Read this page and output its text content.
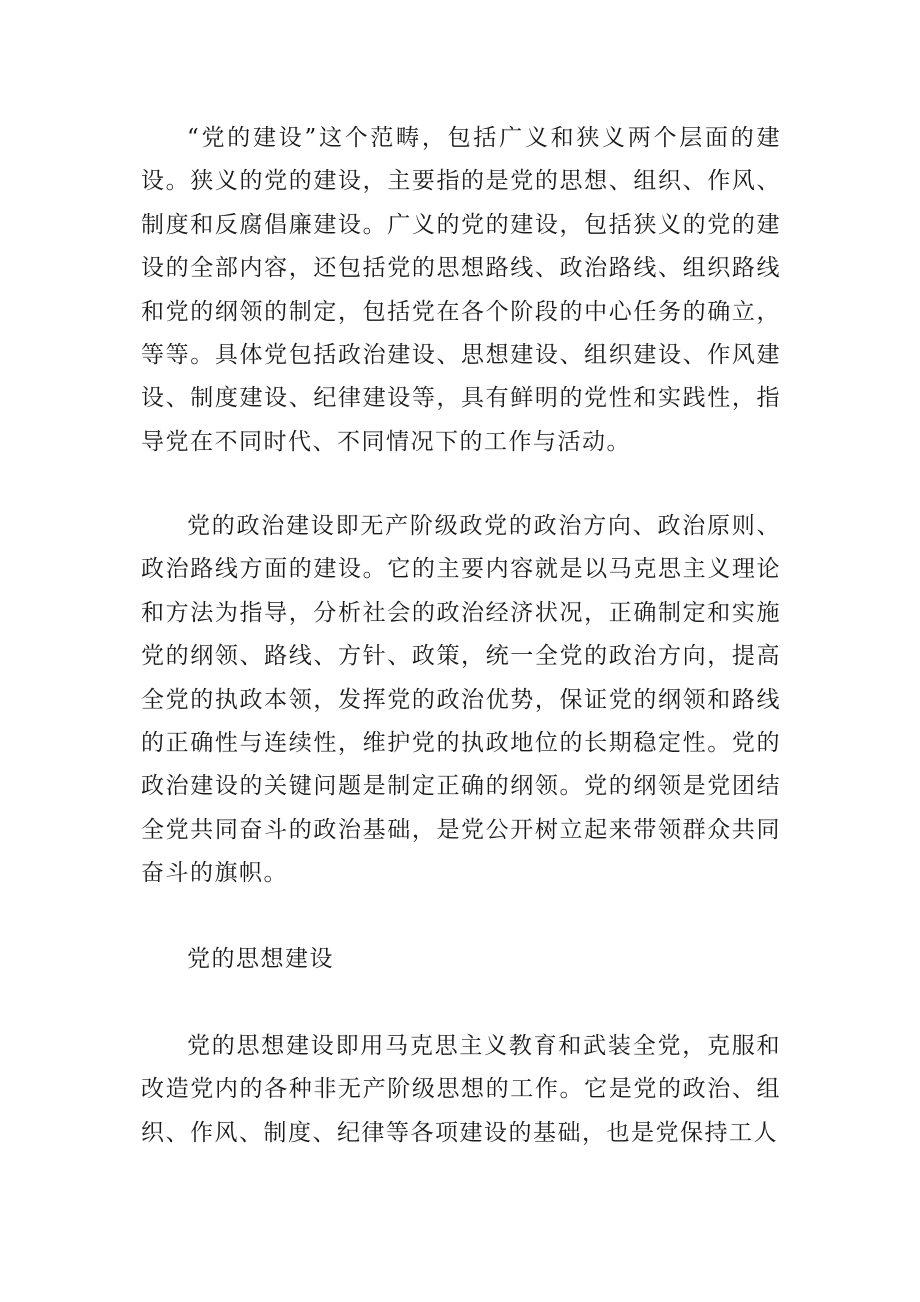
“党的建设”这个范畴，包括广义和狭义两个层面的建设。狭义的党的建设，主要指的是党的思想、组织、作风、制度和反腐倡廉建设。广义的党的建设，包括狭义的党的建设的全部内容，还包括党的思想路线、政治路线、组织路线和党的纲领的制定，包括党在各个阶段的中心任务的确立，等等。具体党包括政治建设、思想建设、组织建设、作风建设、制度建设、纪律建设等，具有鲜明的党性和实践性，指导党在不同时代、不同情况下的工作与活动。

党的政治建设即无产阶级政党的政治方向、政治原则、政治路线方面的建设。它的主要内容就是以马克思主义理论和方法为指导，分析社会的政治经济状况，正确制定和实施党的纲领、路线、方针、政策，统一全党的政治方向，提高全党的执政本领，发挥党的政治优势，保证党的纲领和路线的正确性与连续性，维护党的执政地位的长期稳定性。党的政治建设的关键问题是制定正确的纲领。党的纲领是党团结全党共同奋斗的政治基础，是党公开树立起来带领群众共同奋斗的旗帜。

党的思想建设

党的思想建设即用马克思主义教育和武装全党，克服和改造党内的各种非无产阶级思想的工作。它是党的政治、组织、作风、制度、纪律等各项建设的基础，也是党保持工人
